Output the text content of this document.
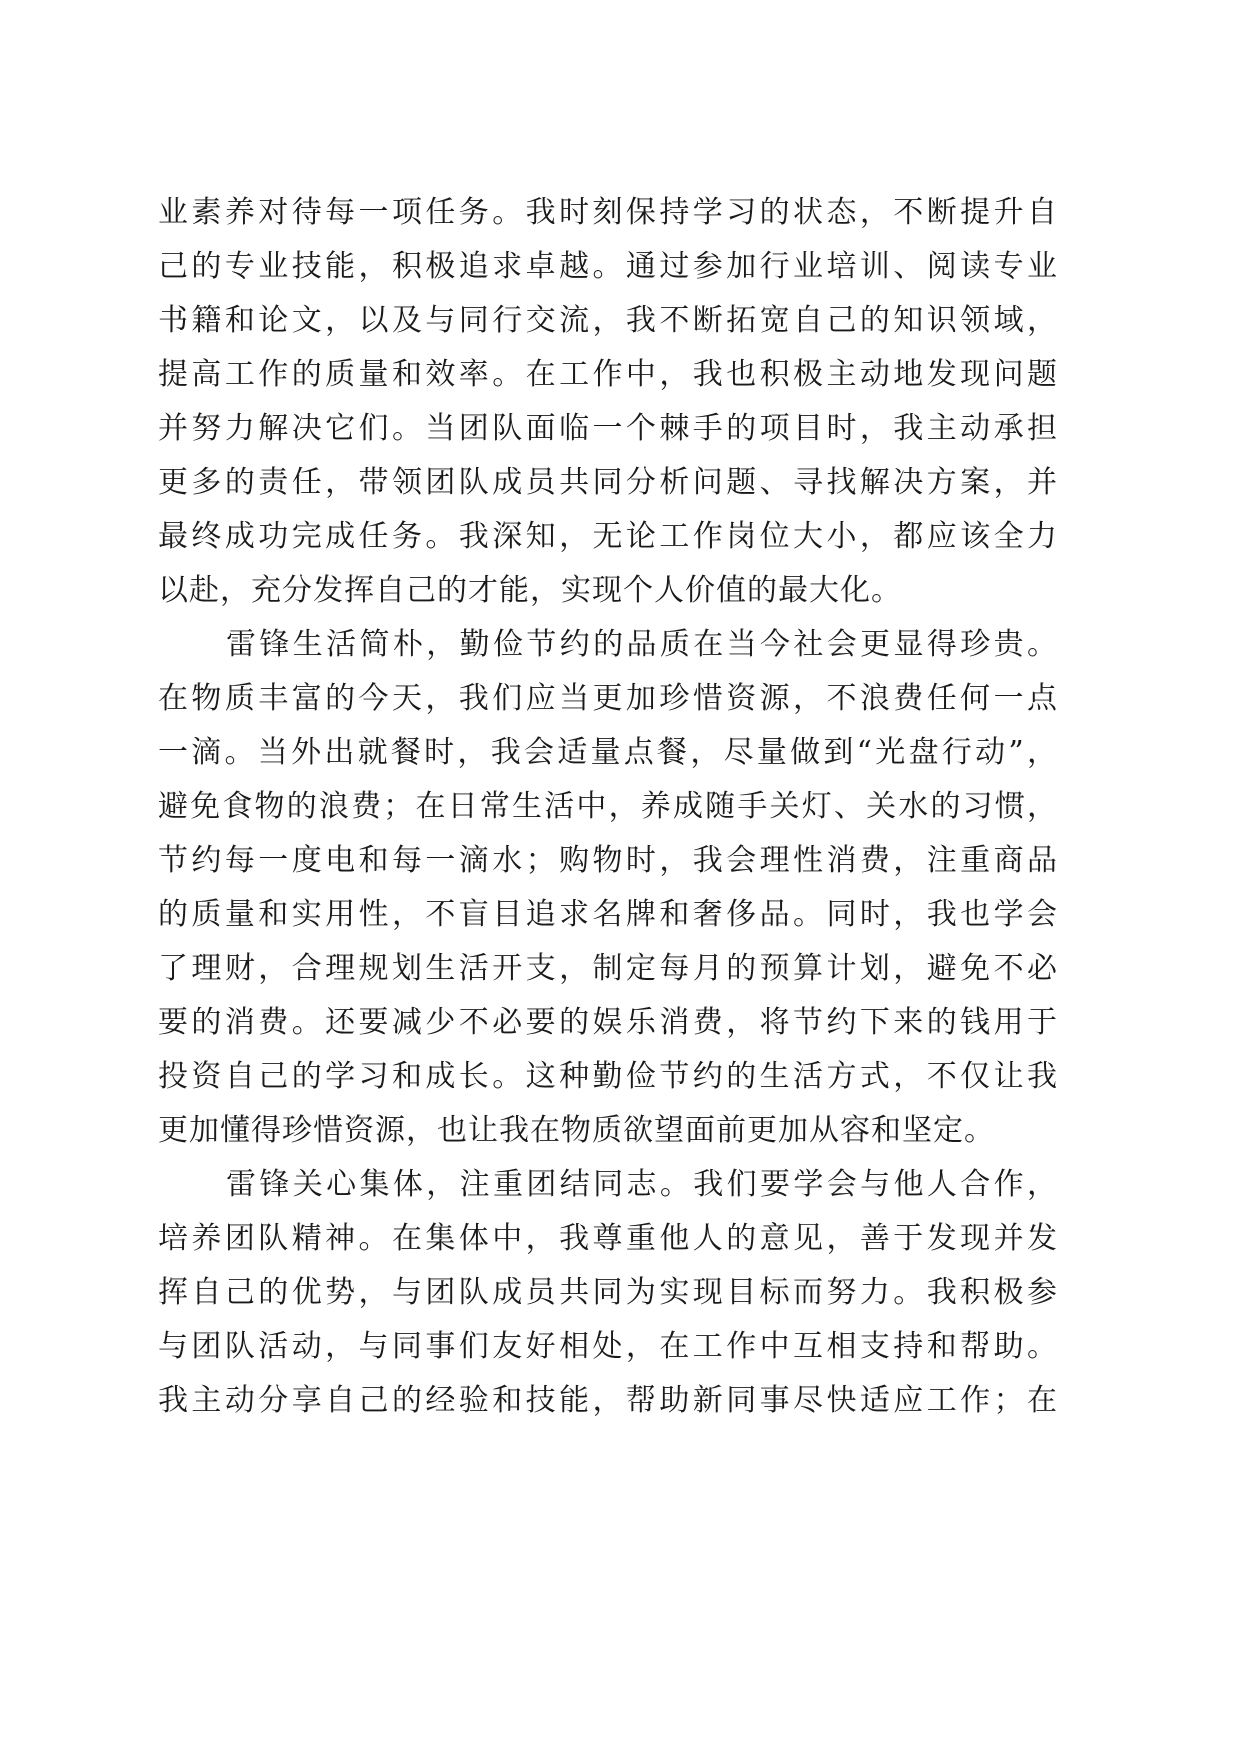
业素养对待每一项任务。我时刻保持学习的状态，不断提升自
己的专业技能，积极追求卓越。通过参加行业培训、阅读专业
书籍和论文，以及与同行交流，我不断拓宽自己的知识领域，
提高工作的质量和效率。在工作中，我也积极主动地发现问题
并努力解决它们。当团队面临一个棘手的项目时，我主动承担
更多的责任，带领团队成员共同分析问题、寻找解决方案，并
最终成功完成任务。我深知，无论工作岗位大小，都应该全力
以赴，充分发挥自己的才能，实现个人价值的最大化。
雷锋生活简朴，勤俭节约的品质在当今社会更显得珍贵。
在物质丰富的今天，我们应当更加珍惜资源，不浪费任何一点
一滴。当外出就餐时，我会适量点餐，尽量做到“光盘行动”，
避免食物的浪费；在日常生活中，养成随手关灯、关水的习惯，
节约每一度电和每一滴水；购物时，我会理性消费，注重商品
的质量和实用性，不盲目追求名牌和奢侈品。同时，我也学会
了理财，合理规划生活开支，制定每月的预算计划，避免不必
要的消费。还要减少不必要的娱乐消费，将节约下来的钱用于
投资自己的学习和成长。这种勤俭节约的生活方式，不仅让我
更加懂得珍惜资源，也让我在物质欲望面前更加从容和坚定。
雷锋关心集体，注重团结同志。我们要学会与他人合作，
培养团队精神。在集体中，我尊重他人的意见，善于发现并发
挥自己的优势，与团队成员共同为实现目标而努力。我积极参
与团队活动，与同事们友好相处，在工作中互相支持和帮助。
我主动分享自己的经验和技能，帮助新同事尽快适应工作；在
